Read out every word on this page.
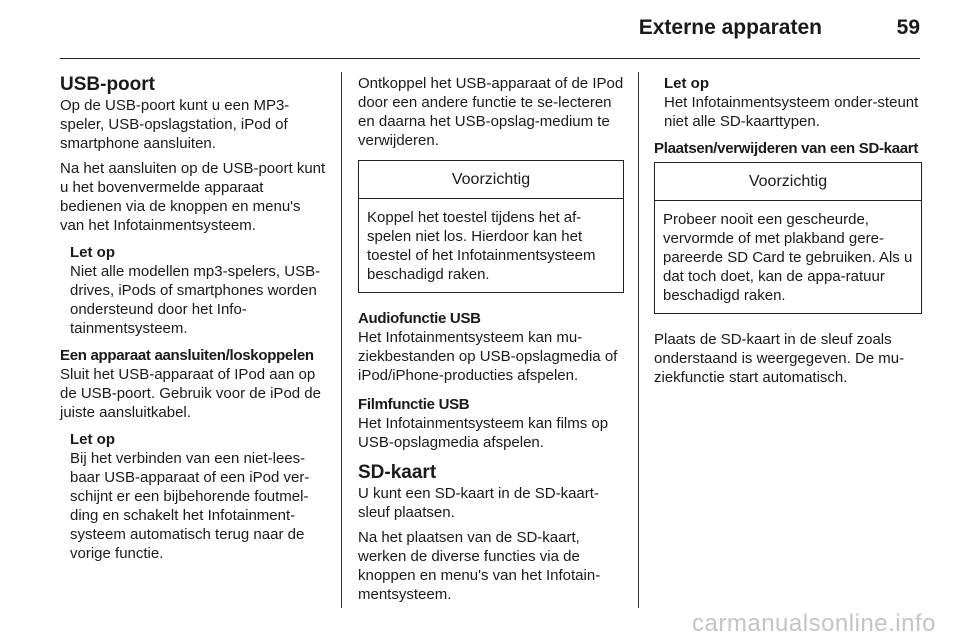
Externe apparaten	59
USB-poort

Op de USB-poort kunt u een MP3-speler, USB-opslagstation, iPod of smartphone aansluiten.

Na het aansluiten op de USB-poort kunt u het bovenvermelde apparaat bedienen via de knoppen en menu's van het Infotainmentsysteem.

Let op
Niet alle modellen mp3-spelers, USB-drives, iPods of smartphones worden ondersteund door het Info-tainmentsysteem.
Een apparaat aansluiten/loskoppelen

Sluit het USB-apparaat of IPod aan op de USB-poort. Gebruik voor de iPod de juiste aansluitkabel.

Let op
Bij het verbinden van een niet-lees-baar USB-apparaat of een iPod ver-schijnt er een bijbehorende foutmel-ding en schakelt het Infotainment-systeem automatisch terug naar de vorige functie.

Ontkoppel het USB-apparaat of de IPod door een andere functie te se-lecteren en daarna het USB-opslag-medium te verwijderen.

Voorzichtig
Koppel het toestel tijdens het af-spelen niet los. Hierdoor kan het toestel of het Infotainmentsysteem beschadigd raken.
Audiofunctie USB

Het Infotainmentsysteem kan mu-ziekbestanden op USB-opslagmedia of iPod/iPhone-producties afspelen.

Filmfunctie USB

Het Infotainmentsysteem kan films op USB-opslagmedia afspelen.

SD-kaart

U kunt een SD-kaart in de SD-kaart-sleuf plaatsen.

Na het plaatsen van de SD-kaart, werken de diverse functies via de knoppen en menu's van het Infotain-mentsysteem.

Let op
Het Infotainmentsysteem onder-steunt niet alle SD-kaarttypen.
Plaatsen/verwijderen van een SD-kaart
Voorzichtig
Probeer nooit een gescheurde, vervormde of met plakband gere-pareerde SD Card te gebruiken. Als u dat toch doet, kan de appa-ratuur beschadigd raken.

Plaats de SD-kaart in de sleuf zoals onderstaand is weergegeven. De mu-ziekfunctie start automatisch.

carmanualsonline.info
